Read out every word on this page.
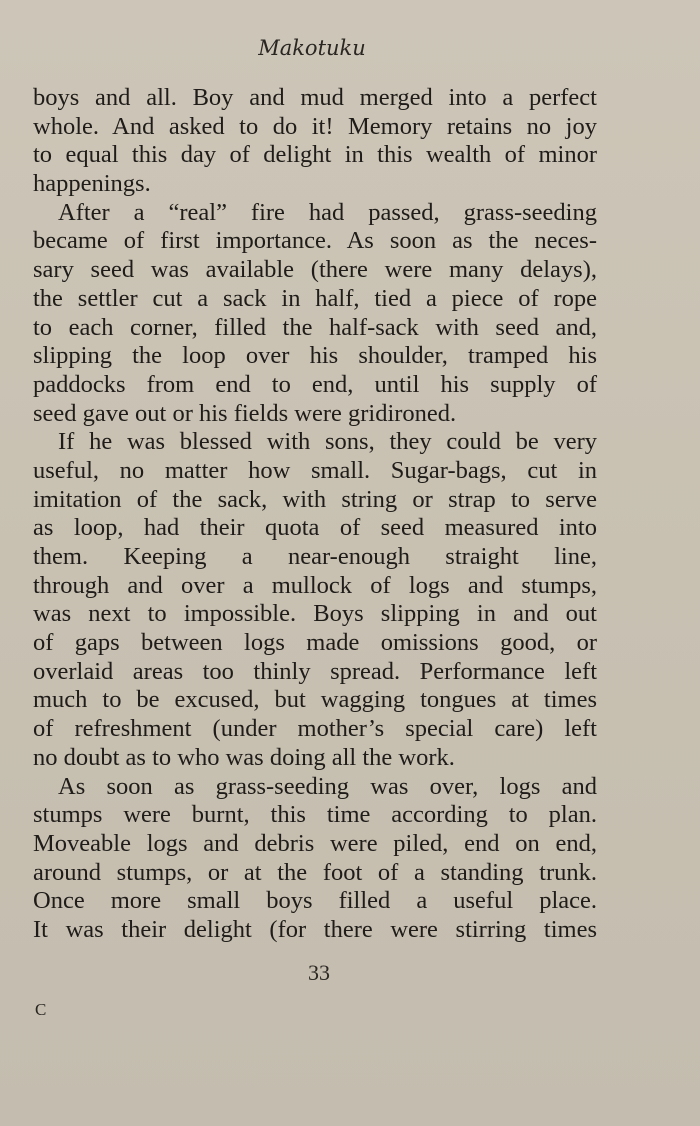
Makotuku
boys and all. Boy and mud merged into a perfect
whole. And asked to do it! Memory retains no joy
to equal this day of delight in this wealth of minor
happenings.
After a “real” fire had passed, grass-seeding
became of first importance. As soon as the neces-
sary seed was available (there were many delays),
the settler cut a sack in half, tied a piece of rope
to each corner, filled the half-sack with seed and,
slipping the loop over his shoulder, tramped his
paddocks from end to end, until his supply of
seed gave out or his fields were gridironed.
If he was blessed with sons, they could be very
useful, no matter how small. Sugar-bags, cut in
imitation of the sack, with string or strap to serve
as loop, had their quota of seed measured into
them. Keeping a near-enough straight line,
through and over a mullock of logs and stumps,
was next to impossible. Boys slipping in and out
of gaps between logs made omissions good, or
overlaid areas too thinly spread. Performance left
much to be excused, but wagging tongues at times
of refreshment (under mother’s special care) left
no doubt as to who was doing all the work.
As soon as grass-seeding was over, logs and
stumps were burnt, this time according to plan.
Moveable logs and debris were piled, end on end,
around stumps, or at the foot of a standing trunk.
Once more small boys filled a useful place.
It was their delight (for there were stirring times
33
C
